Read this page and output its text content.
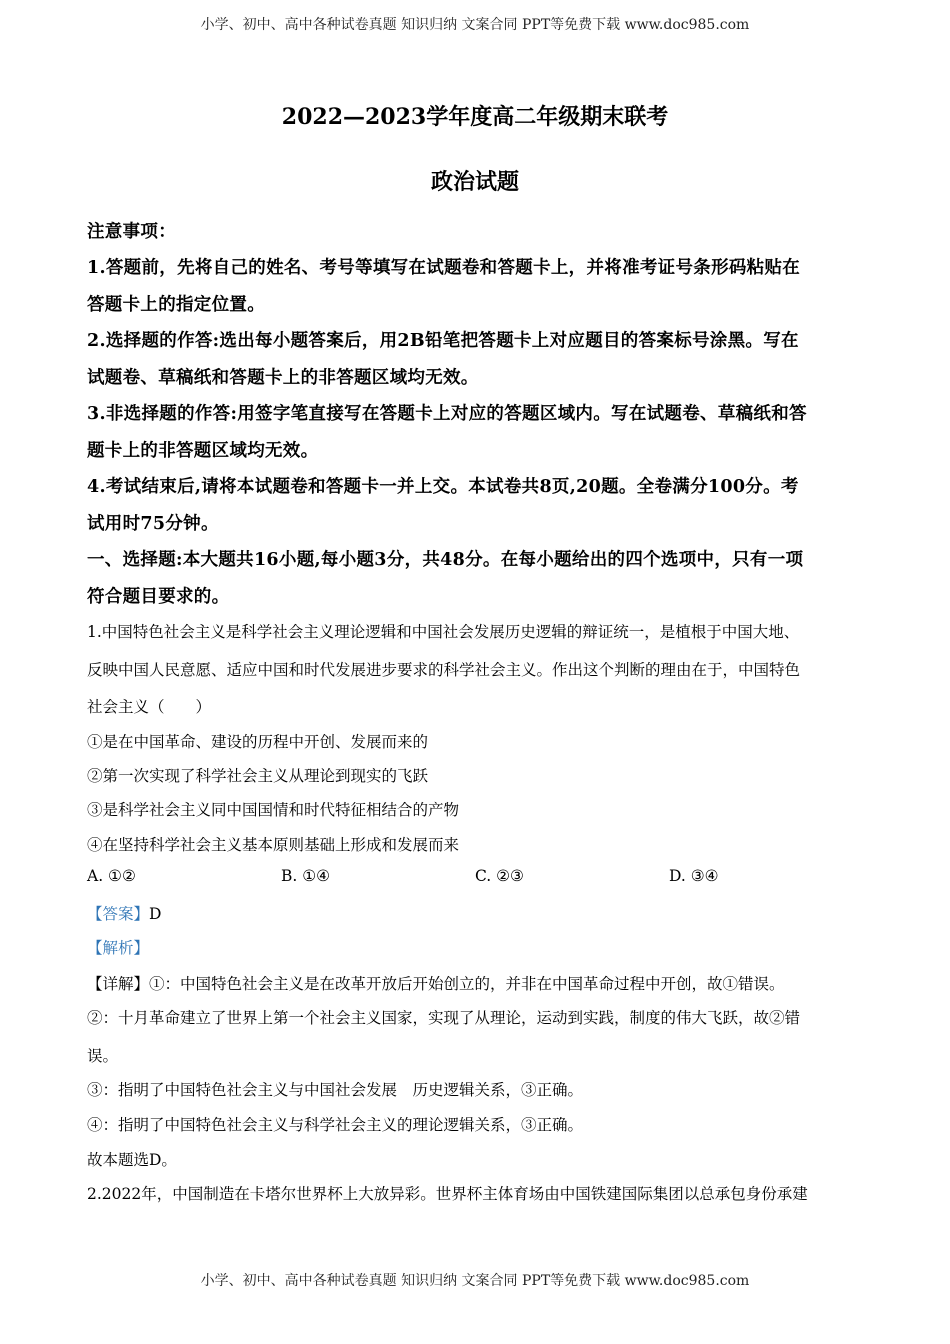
小学、初中、高中各种试卷真题 知识归纳 文案合同 PPT等免费下载 www.doc985.com
2022—2023学年度高二年级期末联考
政治试题
注意事项：
1.答题前，先将自己的姓名、考号等填写在试题卷和答题卡上，并将准考证号条形码粘贴在
答题卡上的指定位置。
2.选择题的作答:选出每小题答案后，用2B铅笔把答题卡上对应题目的答案标号涂黑。写在
试题卷、草稿纸和答题卡上的非答题区域均无效。
3.非选择题的作答:用签字笔直接写在答题卡上对应的答题区域内。写在试题卷、草稿纸和答
题卡上的非答题区域均无效。
4.考试结束后,请将本试题卷和答题卡一并上交。本试卷共8页,20题。全卷满分100分。考
试用时75分钟。
一、选择题:本大题共16小题,每小题3分，共48分。在每小题给出的四个选项中，只有一项
符合题目要求的。
1.中国特色社会主义是科学社会主义理论逻辑和中国社会发展历史逻辑的辩证统一，是植根于中国大地、
反映中国人民意愿、适应中国和时代发展进步要求的科学社会主义。作出这个判断的理由在于，中国特色
社会主义（　　）
①是在中国革命、建设的历程中开创、发展而来的
②第一次实现了科学社会主义从理论到现实的飞跃
③是科学社会主义同中国国情和时代特征相结合的产物
④在坚持科学社会主义基本原则基础上形成和发展而来
A. ①②	B. ①④	C. ②③	D. ③④
【答案】D
【解析】
【详解】①：中国特色社会主义是在改革开放后开始创立的，并非在中国革命过程中开创，故①错误。
②：十月革命建立了世界上第一个社会主义国家，实现了从理论，运动到实践，制度的伟大飞跃，故②错
误。
③：指明了中国特色社会主义与中国社会发展　历史逻辑关系，③正确。
④：指明了中国特色社会主义与科学社会主义的理论逻辑关系，③正确。
故本题选D。
2.2022年，中国制造在卡塔尔世界杯上大放异彩。世界杯主体育场由中国铁建国际集团以总承包身份承建
小学、初中、高中各种试卷真题 知识归纳 文案合同 PPT等免费下载 www.doc985.com
